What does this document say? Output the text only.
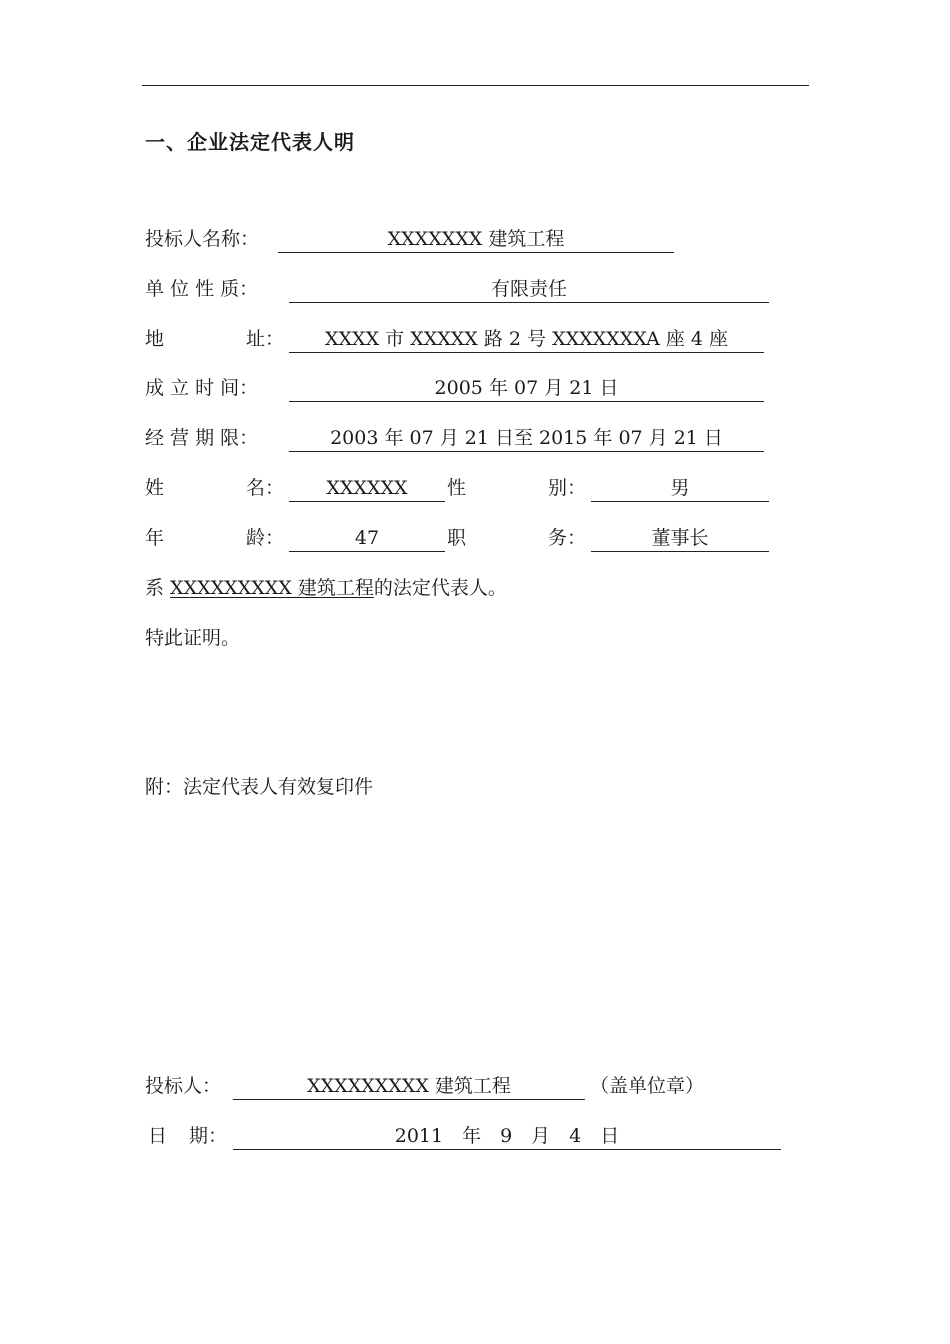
一、企业法定代表人明
投标人名称：	XXXXXXX 建筑工程
单 位 性 质：	有限责任
地	址：	XXXX 市 XXXXX 路 2 号 XXXXXXXA 座 4 座
成 立 时 间：	2005 年 07 月 21 日
经 营 期 限：	2003 年 07 月 21 日至 2015 年 07 月 21 日
姓	名：	XXXXXX	性	别：	男
年	龄：	47	职	务：	董事长
系 XXXXXXXXX 建筑工程的法定代表人。
特此证明。
附：法定代表人有效复印件
投标人：	XXXXXXXXX 建筑工程	（盖单位章）
日 期：	2011　年　9　月　4　日
